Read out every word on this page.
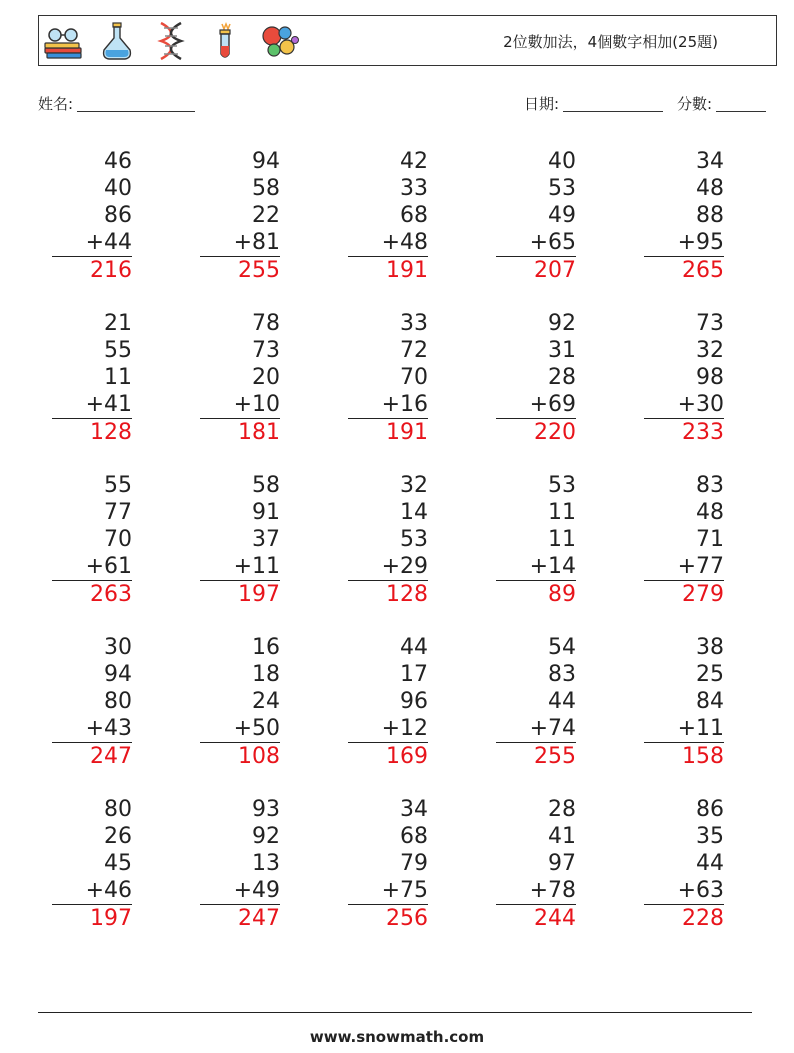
2位數加法，4個數字相加(25題)
姓名:	日期:	分數:
46
40
86
+44
216
94
58
22
+81
255
42
33
68
+48
191
40
53
49
+65
207
34
48
88
+95
265
21
55
11
+41
128
78
73
20
+10
181
33
72
70
+16
191
92
31
28
+69
220
73
32
98
+30
233
55
77
70
+61
263
58
91
37
+11
197
32
14
53
+29
128
53
11
11
+14
89
83
48
71
+77
279
30
94
80
+43
247
16
18
24
+50
108
44
17
96
+12
169
54
83
44
+74
255
38
25
84
+11
158
80
26
45
+46
197
93
92
13
+49
247
34
68
79
+75
256
28
41
97
+78
244
86
35
44
+63
228
www.snowmath.com
